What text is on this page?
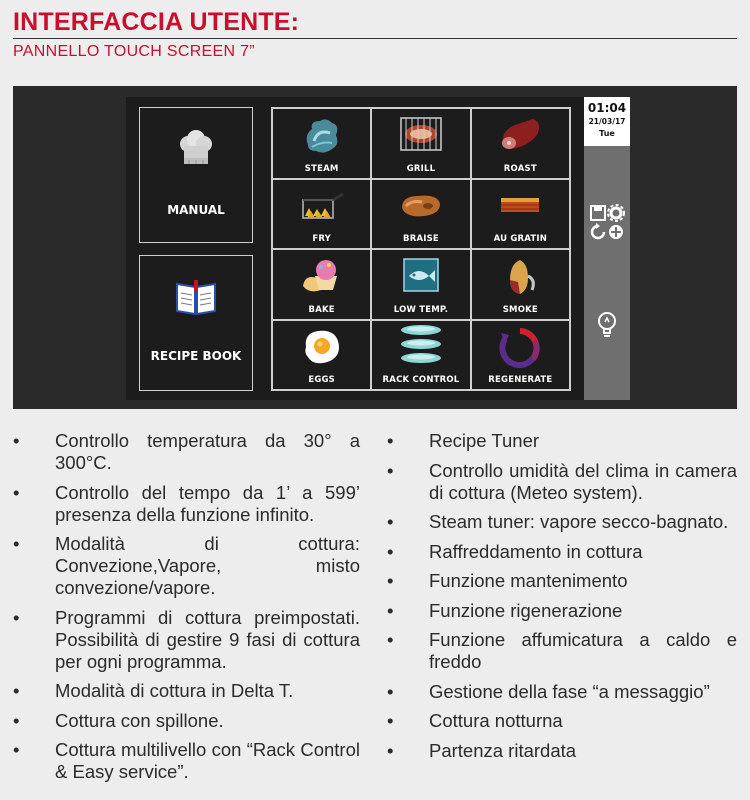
INTERFACCIA UTENTE:
PANNELLO TOUCH SCREEN 7”
MANUAL
RECIPE BOOK
STEAM	GRILL	ROAST
FRY	BRAISE	AU GRATIN
BAKE	LOW TEMP.	SMOKE
EGGS	RACK CONTROL	REGENERATE
01:04
21/03/17
Tue
• Controllo temperatura da 30° a 300°C.
• Controllo del tempo da 1’ a 599’ presenza della funzione infinito.
• Modalità di cottura: Convezione,Vapore, misto convezione/vapore.
• Programmi di cottura preimpostati. Possibilità di gestire 9 fasi di cottura per ogni programma.
• Modalità di cottura in Delta T.
• Cottura con spillone.
• Cottura multilivello con “Rack Control & Easy service”.
• Recipe Tuner
• Controllo umidità del clima in camera di cottura (Meteo system).
• Steam tuner: vapore secco-bagnato.
• Raffreddamento in cottura
• Funzione mantenimento
• Funzione rigenerazione
• Funzione affumicatura a caldo e freddo
• Gestione della fase “a messaggio”
• Cottura notturna
• Partenza ritardata
